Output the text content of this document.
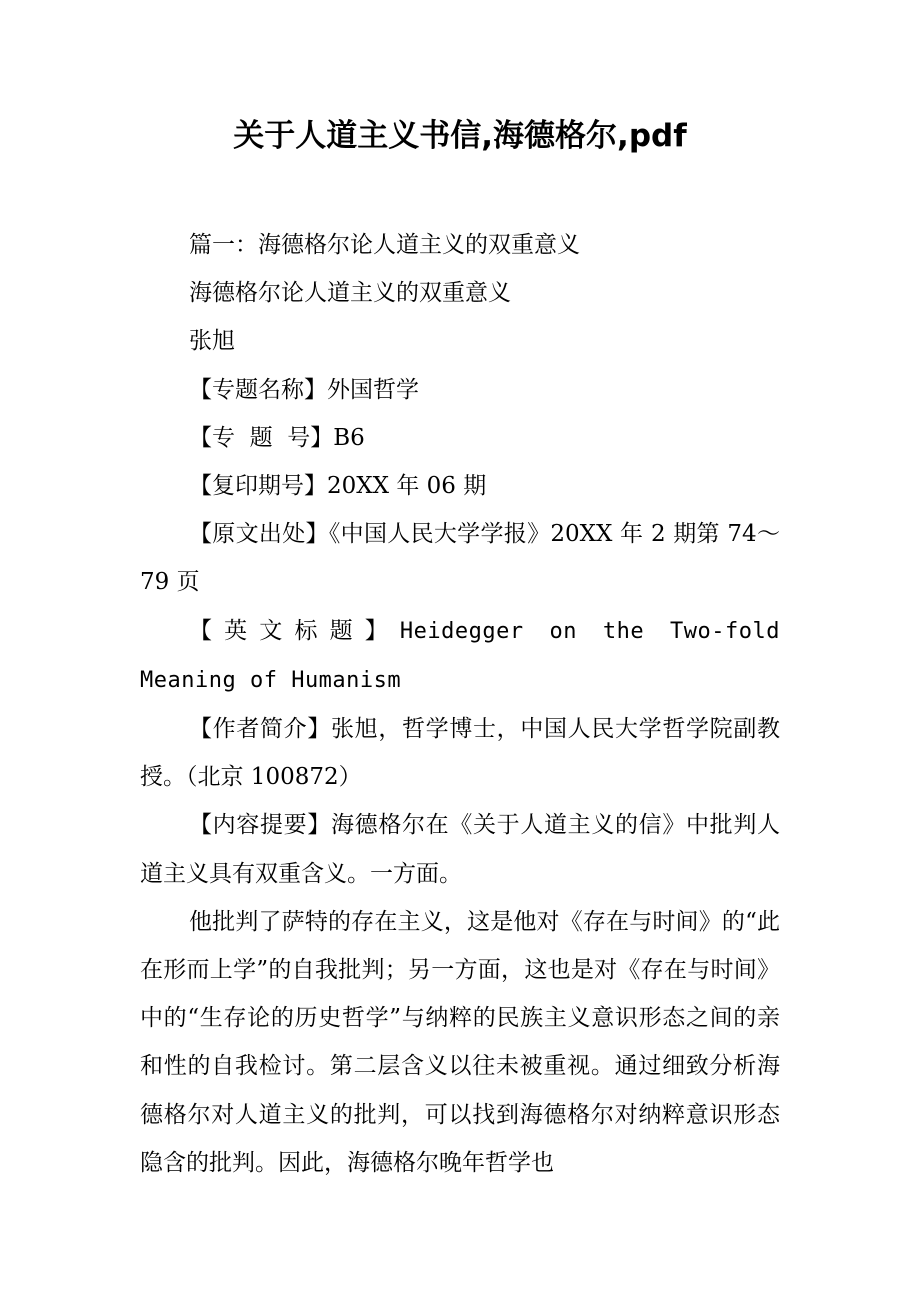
关于人道主义书信,海德格尔,pdf

篇一：海德格尔论人道主义的双重意义

海德格尔论人道主义的双重意义

张旭

【专题名称】外国哲学

【专  题  号】B6

【复印期号】20XX 年 06 期

【原文出处】《中国人民大学学报》20XX 年 2 期第 74～79 页

【英文标题】Heidegger on the Two-fold Meaning of Humanism

【作者简介】张旭，哲学博士，中国人民大学哲学院副教授。（北京 100872）

【内容提要】海德格尔在《关于人道主义的信》中批判人道主义具有双重含义。一方面。

他批判了萨特的存在主义，这是他对《存在与时间》的“此在形而上学”的自我批判；另一方面，这也是对《存在与时间》中的“生存论的历史哲学”与纳粹的民族主义意识形态之间的亲和性的自我检讨。第二层含义以往未被重视。通过细致分析海德格尔对人道主义的批判，可以找到海德格尔对纳粹意识形态隐含的批判。因此，海德格尔晚年哲学也
